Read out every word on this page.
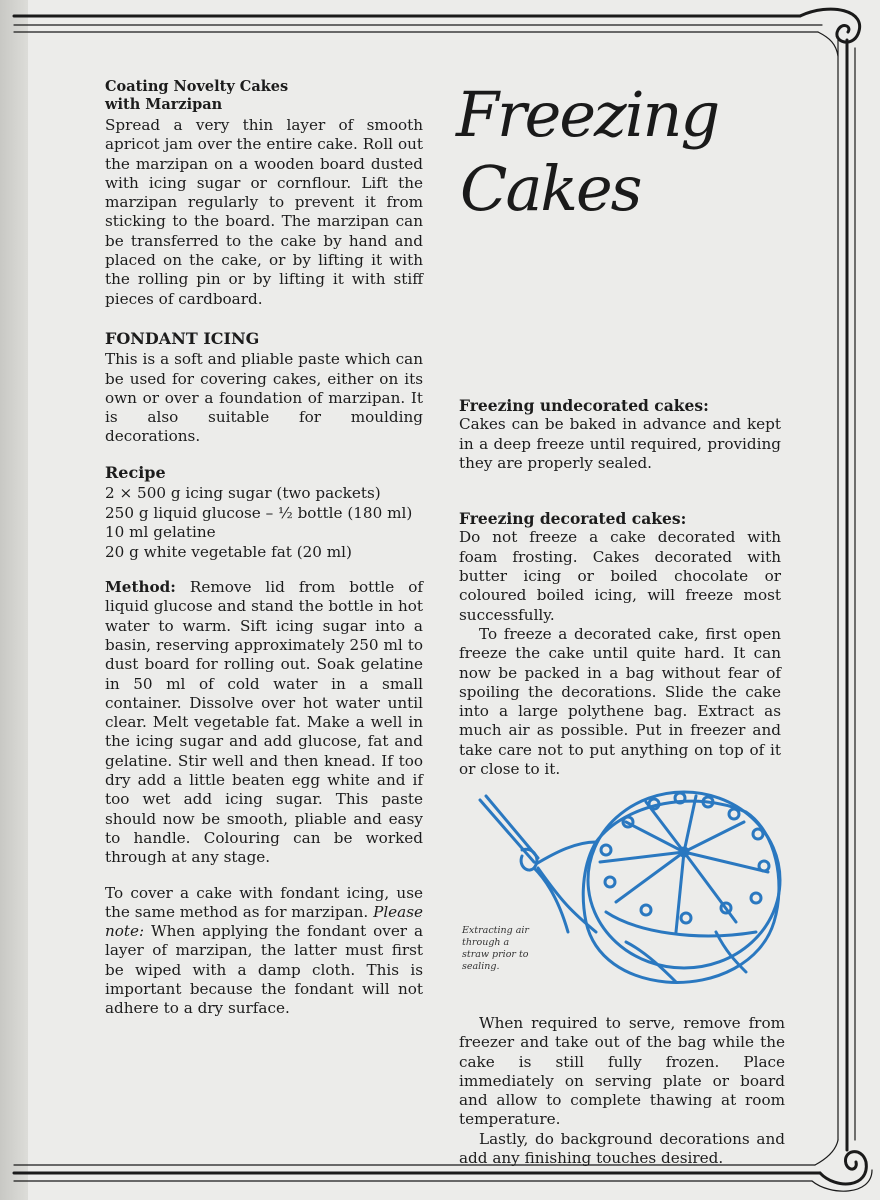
Coating Novelty Cakes with Marzipan

Spread a very thin layer of smooth apricot jam over the entire cake. Roll out the marzipan on a wooden board dusted with icing sugar or cornflour. Lift the marzipan regularly to prevent it from sticking to the board. The marzipan can be transferred to the cake by hand and placed on the cake, or by lifting it with the rolling pin or by lifting it with stiff pieces of cardboard.

FONDANT ICING

This is a soft and pliable paste which can be used for covering cakes, either on its own or over a foundation of marzipan. It is also suitable for moulding decorations.

Recipe
2 × 500 g icing sugar (two packets)
250 g liquid glucose – ½ bottle (180 ml)
10 ml gelatine
20 g white vegetable fat (20 ml)

Method: Remove lid from bottle of liquid glucose and stand the bottle in hot water to warm. Sift icing sugar into a basin, reserving approximately 250 ml to dust board for rolling out. Soak gelatine in 50 ml of cold water in a small container. Dissolve over hot water until clear. Melt vegetable fat. Make a well in the icing sugar and add glucose, fat and gelatine. Stir well and then knead. If too dry add a little beaten egg white and if too wet add icing sugar. This paste should now be smooth, pliable and easy to handle. Colouring can be worked through at any stage.

To cover a cake with fondant icing, use the same method as for marzipan. Please note: When applying the fondant over a layer of marzipan, the latter must first be wiped with a damp cloth. This is important because the fondant will not adhere to a dry surface.

Freezing
Cakes
Freezing undecorated cakes:

Cakes can be baked in advance and kept in a deep freeze until required, providing they are properly sealed.

Freezing decorated cakes:

Do not freeze a cake decorated with foam frosting. Cakes decorated with butter icing or boiled chocolate or coloured boiled icing, will freeze most successfully.

To freeze a decorated cake, first open freeze the cake until quite hard. It can now be packed in a bag without fear of spoiling the decorations. Slide the cake into a large polythene bag. Extract as much air as possible. Put in freezer and take care not to put anything on top of it or close to it.

Extracting air through a straw prior to sealing.

When required to serve, remove from freezer and take out of the bag while the cake is still fully frozen. Place immediately on serving plate or board and allow to complete thawing at room temperature.

Lastly, do background decorations and add any finishing touches desired.
